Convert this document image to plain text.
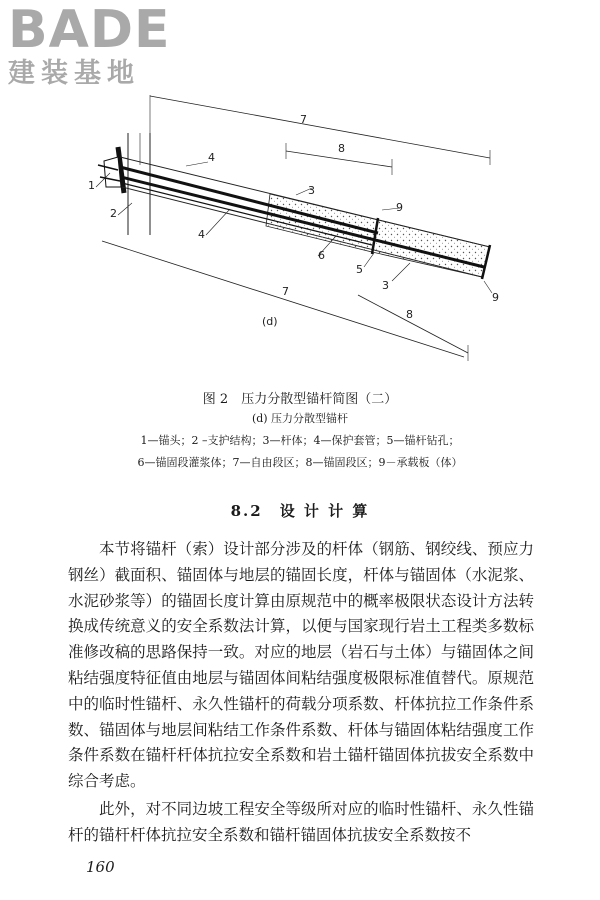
BADE
建装基地
7
8
7
8
1
2
4
4
3
6
9
5
3
9
(d)
图 2　压力分散型锚杆简图（二）
(d) 压力分散型锚杆
1—锚头；2 –支护结构；3—杆体；4—保护套管；5—锚杆钻孔；
6—锚固段灌浆体；7—自由段区；8—锚固段区；9－承载板（体）
8.2　设 计 计 算

本节将锚杆（索）设计部分涉及的杆体（钢筋、钢绞线、预应力钢丝）截面积、锚固体与地层的锚固长度，杆体与锚固体（水泥浆、水泥砂浆等）的锚固长度计算由原规范中的概率极限状态设计方法转换成传统意义的安全系数法计算，以便与国家现行岩土工程类多数标准修改稿的思路保持一致。对应的地层（岩石与土体）与锚固体之间粘结强度特征值由地层与锚固体间粘结强度极限标准值替代。原规范中的临时性锚杆、永久性锚杆的荷载分项系数、杆体抗拉工作条件系数、锚固体与地层间粘结工作条件系数、杆体与锚固体粘结强度工作条件系数在锚杆杆体抗拉安全系数和岩土锚杆锚固体抗拔安全系数中综合考虑。

此外，对不同边坡工程安全等级所对应的临时性锚杆、永久性锚杆的锚杆杆体抗拉安全系数和锚杆锚固体抗拔安全系数按不

160
